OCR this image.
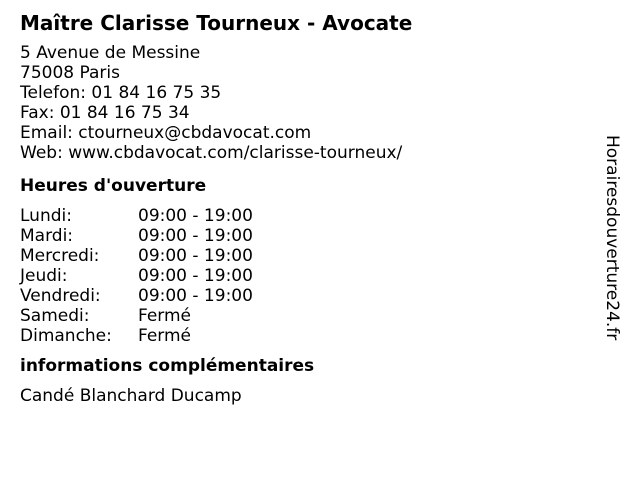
Maître Clarisse Tourneux - Avocate
5 Avenue de Messine
75008 Paris
Telefon: 01 84 16 75 35
Fax: 01 84 16 75 34
Email: ctourneux@cbdavocat.com
Web: www.cbdavocat.com/clarisse-tourneux/
Heures d'ouverture
Lundi:	09:00 - 19:00
Mardi:	09:00 - 19:00
Mercredi:	09:00 - 19:00
Jeudi:	09:00 - 19:00
Vendredi:	09:00 - 19:00
Samedi:	Fermé
Dimanche:	Fermé
informations complémentaires
Candé Blanchard Ducamp
Horairesdouverture24.fr
